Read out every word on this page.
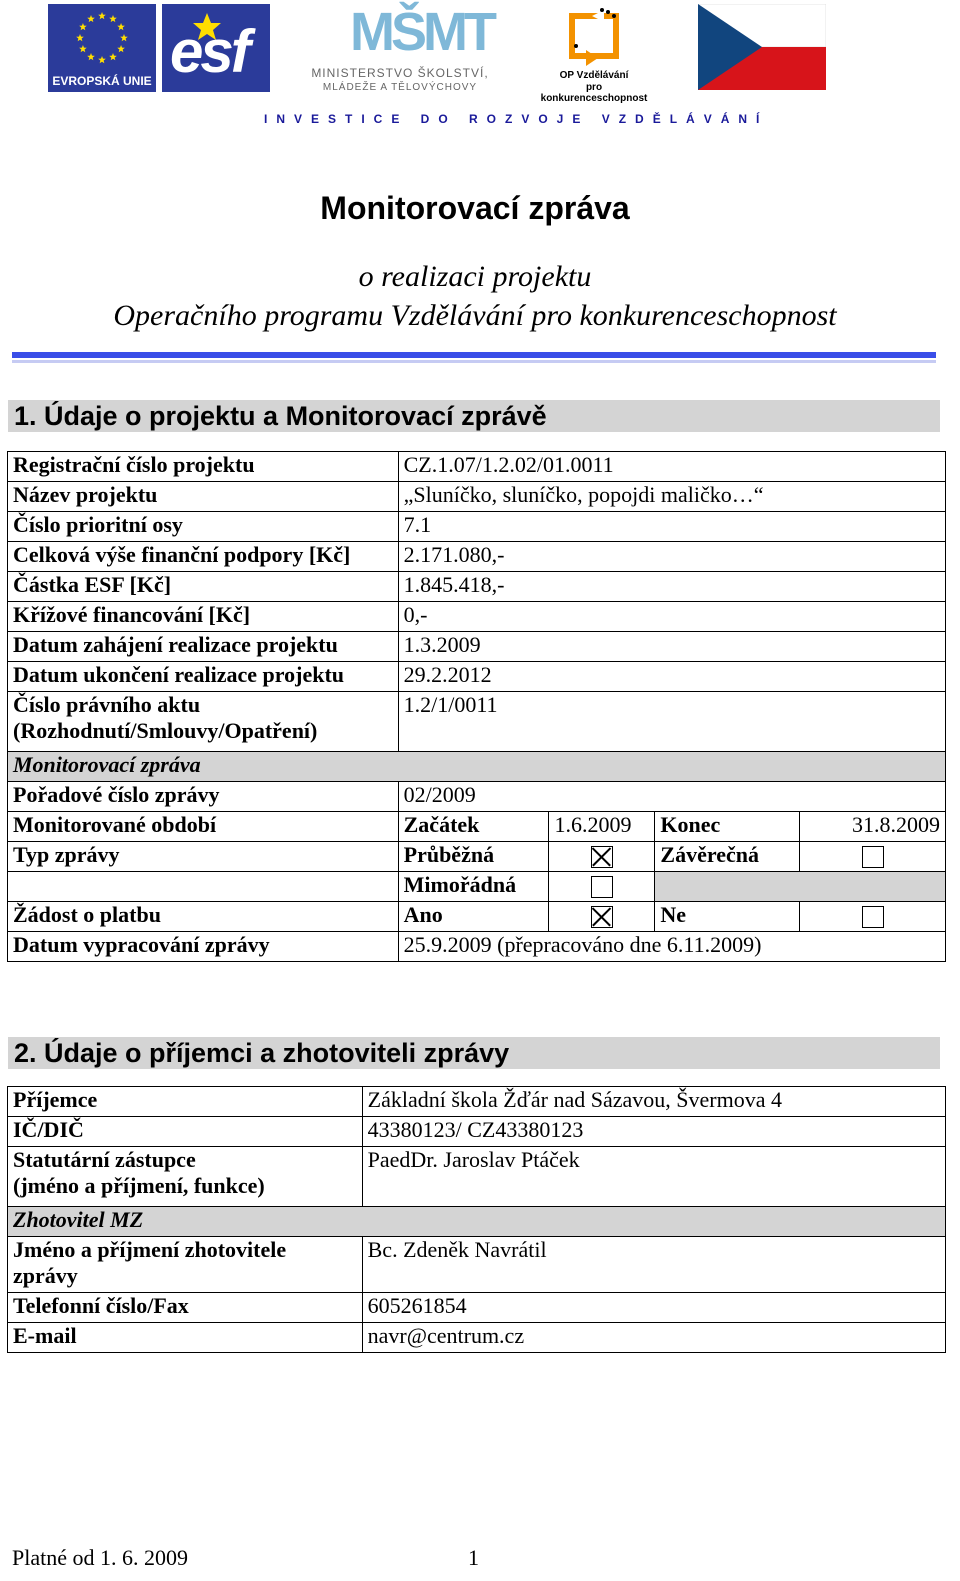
EVROPSKÁ UNIE esf MŠMT
MINISTERSTVO ŠKOLSTVÍ,
MLÁDEŽE A TĚLOVÝCHOVY
OP Vzdělávání
pro konkurenceschopnost
INVESTICE DO ROZVOJE VZDĚLÁVÁNÍ
Monitorovací zpráva
o realizaci projektu
Operačního programu Vzdělávání pro konkurenceschopnost
1. Údaje o projektu a Monitorovací zprávě
Registrační číslo projektu	CZ.1.07/1.2.02/01.0011			
Název projektu	„Sluníčko, sluníčko, popojdi maličko…“			
Číslo prioritní osy	7.1			
Celková výše finanční podpory [Kč]	2.171.080,-			
Částka ESF [Kč]	1.845.418,-			
Křížové financování [Kč]	0,-			
Datum zahájení realizace projektu	1.3.2009			
Datum ukončení realizace projektu	29.2.2012			
Číslo právního aktu (Rozhodnutí/Smlouvy/Opatření)	1.2/1/0011			
Monitorovací zpráva				
Pořadové číslo zprávy	02/2009			
Monitorované období	Začátek	1.6.2009	Konec	31.8.2009
Typ zprávy	Průběžná		Závěrečná	
	Mimořádná			
Žádost o platbu	Ano		Ne	
Datum vypracování zprávy	25.9.2009 (přepracováno dne 6.11.2009)			
2. Údaje o příjemci a zhotoviteli zprávy
Příjemce	Základní škola Žďár nad Sázavou, Švermova 4
IČ/DIČ	43380123/ CZ43380123

Statutární zástupce
(jméno a příjmení, funkce)	PaedDr. Jaroslav Ptáček
Zhotovitel MZ	

Jméno a příjmení zhotovitele
zprávy	Bc. Zdeněk Navrátil
Telefonní číslo/Fax	605261854
E-mail	navr@centrum.cz
Platné od 1. 6. 2009	1
